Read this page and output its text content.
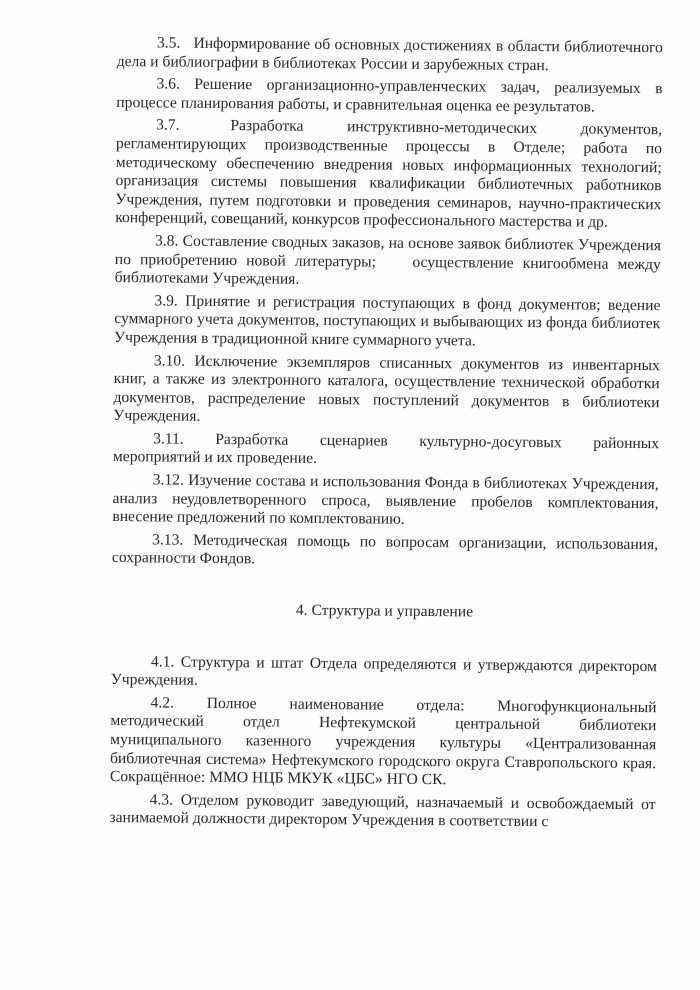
3.5.   Информирование об основных достижениях в области библиотечного дела и библиографии в библиотеках России и зарубежных стран.

3.6. Решение организационно-управленческих задач, реализуемых в процессе планирования работы, и сравнительная оценка ее результатов.

3.7.       Разработка      инструктивно-методических      документов, регламентирующих производственные процессы в Отделе; работа по методическому обеспечению внедрения новых информационных технологий; организация системы повышения квалификации библиотечных работников Учреждения, путем подготовки и проведения семинаров, научно-практических конференций, совещаний, конкурсов профессионального мастерства и др.

3.8. Составление сводных заказов, на основе заявок библиотек Учреждения по приобретению новой литературы;    осуществление книгообмена между библиотеками Учреждения.

3.9. Принятие и регистрация поступающих в фонд документов; ведение суммарного учета документов, поступающих и выбывающих из фонда библиотек Учреждения в традиционной книге суммарного учета.

3.10. Исключение экземпляров списанных документов из инвентарных книг, а также из электронного каталога, осуществление технической обработки документов, распределение новых поступлений документов в библиотеки Учреждения.

3.11.     Разработка     сценариев     культурно-досуговых     районных мероприятий и их проведение.

3.12. Изучение состава и использования Фонда в библиотеках Учреждения, анализ неудовлетворенного спроса, выявление пробелов комплектования, внесение предложений по комплектованию.

3.13. Методическая помощь по вопросам организации, использования, сохранности Фондов.

4. Структура и управление

4.1. Структура и штат Отдела определяются и утверждаются директором Учреждения.

4.2.    Полное    наименование    отдела:    Многофункциональный методический    отдел    Нефтекумской    центральной    библиотеки муниципального казенного учреждения культуры «Централизованная библиотечная система» Нефтекумского городского округа Ставропольского края. Сокращённое: ММО НЦБ МКУК «ЦБС» НГО СК.

4.3. Отделом руководит заведующий, назначаемый и освобождаемый от занимаемой должности директором Учреждения в соответствии с
